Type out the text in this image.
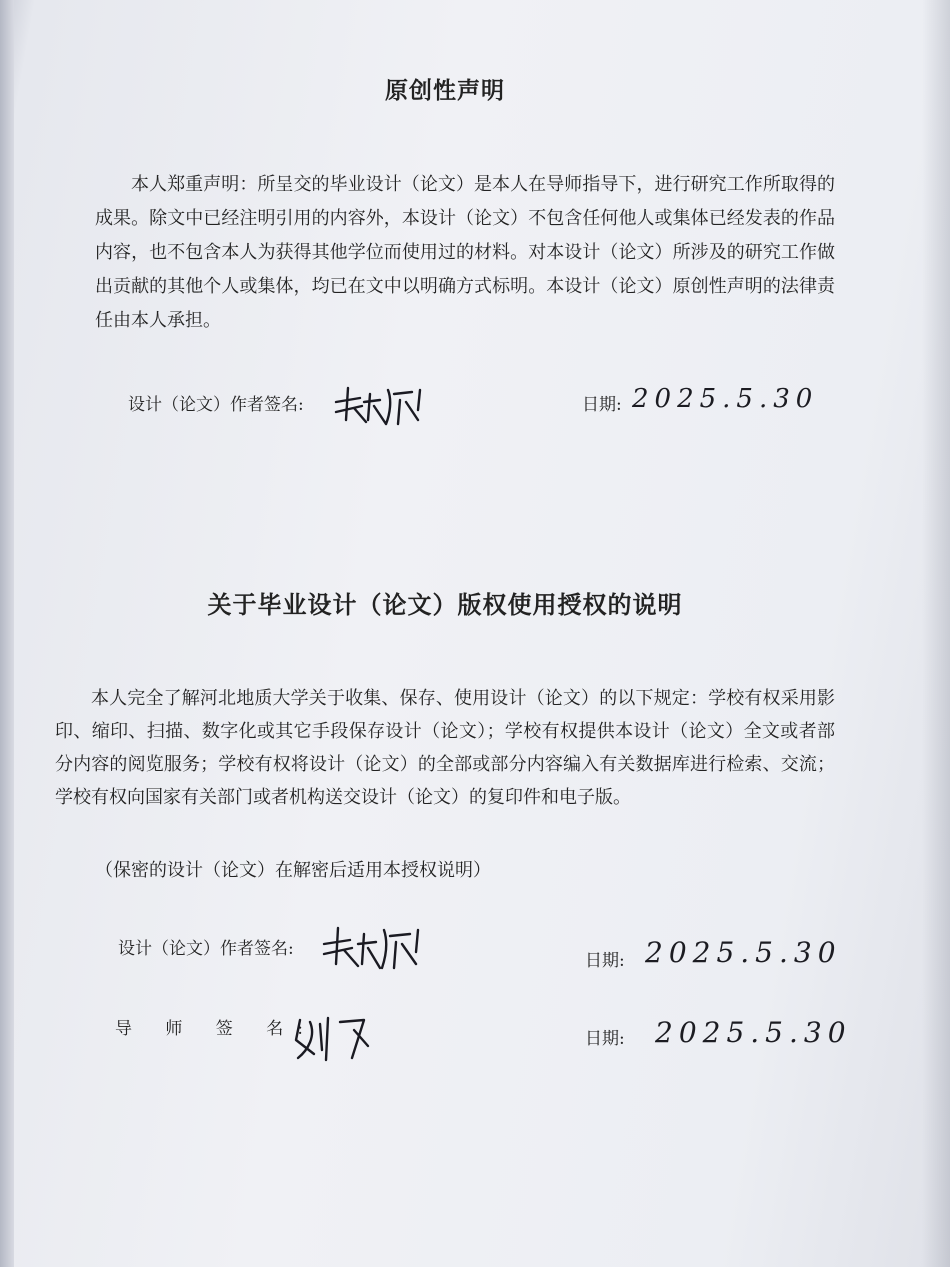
原创性声明

本人郑重声明：所呈交的毕业设计（论文）是本人在导师指导下，进行研究工作所取得的成果。除文中已经注明引用的内容外，本设计（论文）不包含任何他人或集体已经发表的作品内容，也不包含本人为获得其他学位而使用过的材料。对本设计（论文）所涉及的研究工作做出贡献的其他个人或集体，均已在文中以明确方式标明。本设计（论文）原创性声明的法律责任由本人承担。

设计（论文）作者签名:	日期: 2025.5.30
关于毕业设计（论文）版权使用授权的说明

本人完全了解河北地质大学关于收集、保存、使用设计（论文）的以下规定：学校有权采用影印、缩印、扫描、数字化或其它手段保存设计（论文）；学校有权提供本设计（论文）全文或者部分内容的阅览服务；学校有权将设计（论文）的全部或部分内容编入有关数据库进行检索、交流；学校有权向国家有关部门或者机构送交设计（论文）的复印件和电子版。

（保密的设计（论文）在解密后适用本授权说明）
设计（论文）作者签名:
日期: 2025.5.30
导 师 签 名:	日期: 2025.5.30
